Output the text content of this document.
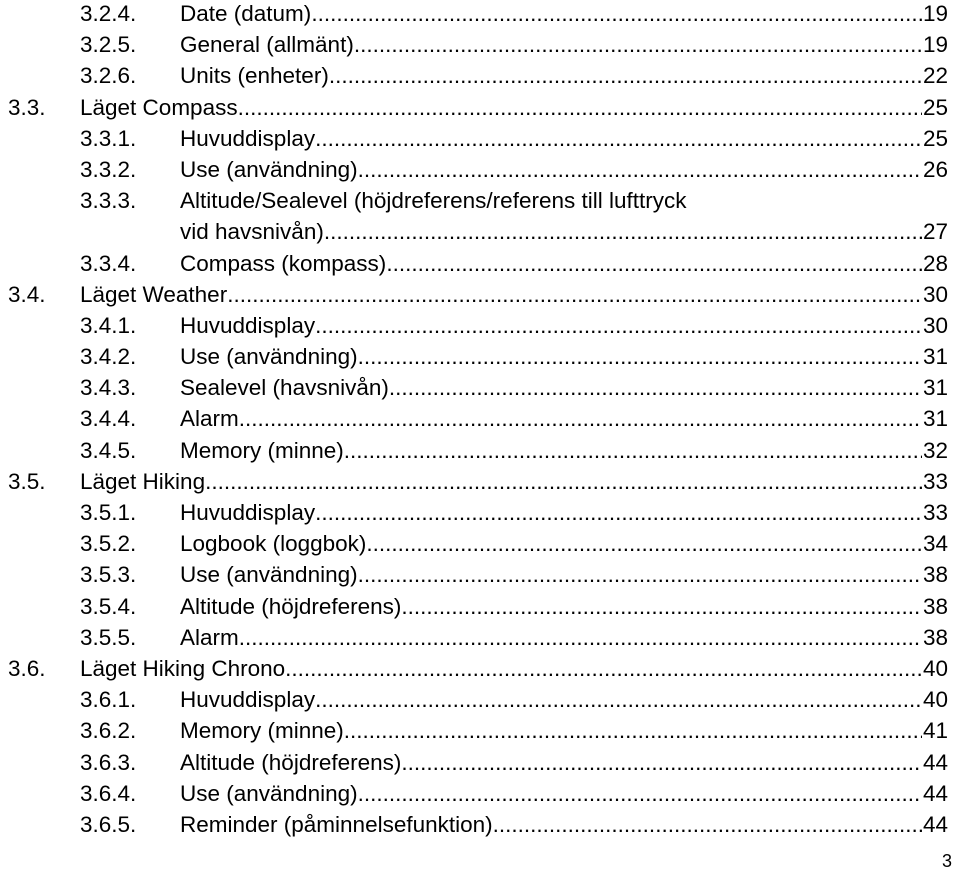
3.2.4. Date (datum) .....	19
3.2.5. General (allmänt) .....	19
3.2.6. Units (enheter) .....	22
3.3. Läget Compass .....	25
3.3.1. Huvuddisplay .....	25
3.3.2. Use (användning) .....	26
3.3.3. Altitude/Sealevel (höjdreferens/referens till lufttryck
vid havsnivån) .....	27
3.3.4. Compass (kompass) .....	28
3.4. Läget Weather .....	30
3.4.1. Huvuddisplay .....	30
3.4.2. Use (användning) .....	31
3.4.3. Sealevel (havsnivån) .....	31
3.4.4. Alarm .....	31
3.4.5. Memory (minne) .....	32
3.5. Läget Hiking .....	33
3.5.1. Huvuddisplay .....	33
3.5.2. Logbook (loggbok) .....	34
3.5.3. Use (användning) .....	38
3.5.4. Altitude (höjdreferens) .....	38
3.5.5. Alarm .....	38
3.6. Läget Hiking Chrono .....	40
3.6.1. Huvuddisplay .....	40
3.6.2. Memory (minne) .....	41
3.6.3. Altitude (höjdreferens) .....	44
3.6.4. Use (användning) .....	44
3.6.5. Reminder (påminnelsefunktion) .....	44
3
